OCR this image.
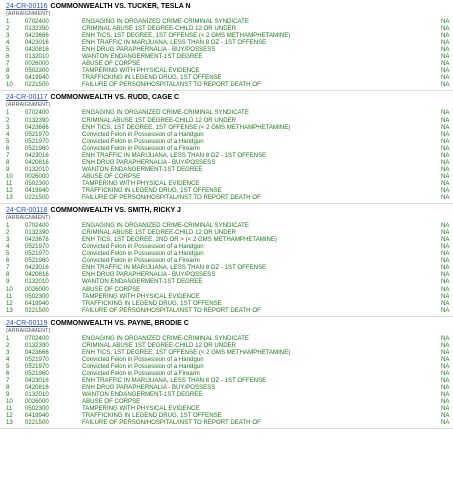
24-CR-00116 COMMONWEALTH VS. TUCKER, TESLA N
(ARRAIGNMENT)
1	0702400	ENGAGING IN ORGANIZED CRIME-CRIMINAL SYNDICATE	NA
2	0132390	CRIMINAL ABUSE 1ST DEGREE-CHILD 12 OR UNDER	NA
3	0423666	ENH TICS, 1ST DEGREE, 1ST OFFENSE (< 2 GMS METHAMPHETAMINE)	NA
4	0423016	ENH TRAFFIC IN MARIJUANA, LESS THAN 8 OZ - 1ST OFFENSE	NA
5	0420816	ENH DRUG PARAPHERNALIA - BUY/POSSESS	NA
6	0132010	WANTON ENDANGERMENT-1ST DEGREE	NA
7	0026000	ABUSE OF CORPSE	NA
8	0502300	TAMPERING WITH PHYSICAL EVIDENCE	NA
9	0419940	TRAFFICKING IN LEGEND DRUG, 1ST OFFENSE	NA
10	0221500	FAILURE OF PERSON/HOSPITAL/INST TO REPORT DEATH OF	NA
24-CR-00117 COMMONWEALTH VS. RUDD, CAGE C
(ARRAIGNMENT)
1	0702400	ENGAGING IN ORGANIZED CRIME-CRIMINAL SYNDICATE	NA
2	0132390	CRIMINAL ABUSE 1ST DEGREE-CHILD 12 OR UNDER	NA
3	0423666	ENH TICS, 1ST DEGREE, 1ST OFFENSE (< 2 GMS METHAMPHETAMINE)	NA
4	0521970	Convicted Felon in Possession of a Handgun	NA
5	0521970	Convicted Felon in Possession of a Handgun	NA
6	0521960	Convicted Felon in Possession of a Firearm	NA
7	0423016	ENH TRAFFIC IN MARIJUANA, LESS THAN 8 OZ - 1ST OFFENSE	NA
8	0420816	ENH DRUG PARAPHERNALIA - BUY/POSSESS	NA
9	0132010	WANTON ENDANGERMENT-1ST DEGREE	NA
10	0026000	ABUSE OF CORPSE	NA
11	0502300	TAMPERING WITH PHYSICAL EVIDENCE	NA
12	0419940	TRAFFICKING IN LEGEND DRUG, 1ST OFFENSE	NA
13	0221500	FAILURE OF PERSON/HOSPITAL/INST TO REPORT DEATH OF	NA
24-CR-00118 COMMONWEALTH VS. SMITH, RICKY J
(ARRAIGNMENT)
1	0702400	ENGAGING IN ORGANIZED CRIME-CRIMINAL SYNDICATE	NA
2	0132390	CRIMINAL ABUSE 1ST DEGREE-CHILD 12 OR UNDER	NA
3	0423676	ENH TICS, 1ST DEGREE, 2ND OR > (< 2 GMS METHAMPHETAMINE)	NA
4	0521970	Convicted Felon in Possession of a Handgun	NA
5	0521970	Convicted Felon in Possession of a Handgun	NA
6	0521960	Convicted Felon in Possession of a Firearm	NA
7	0423016	ENH TRAFFIC IN MARIJUANA, LESS THAN 8 OZ - 1ST OFFENSE	NA
8	0420816	ENH DRUG PARAPHERNALIA - BUY/POSSESS	NA
9	0132010	WANTON ENDANGERMENT-1ST DEGREE	NA
10	0026000	ABUSE OF CORPSE	NA
11	0502300	TAMPERING WITH PHYSICAL EVIDENCE	NA
12	0419940	TRAFFICKING IN LEGEND DRUG, 1ST OFFENSE	NA
13	0221500	FAILURE OF PERSON/HOSPITAL/INST TO REPORT DEATH OF	NA
24-CR-00119 COMMONWEALTH VS. PAYNE, BRODIE C
(ARRAIGNMENT)
1	0702400	ENGAGING IN ORGANIZED CRIME-CRIMINAL SYNDICATE	NA
2	0132390	CRIMINAL ABUSE 1ST DEGREE-CHILD 12 OR UNDER	NA
3	0423666	ENH TICS, 1ST DEGREE, 1ST OFFENSE (< 2 GMS METHAMPHETAMINE)	NA
4	0521970	Convicted Felon in Possession of a Handgun	NA
5	0521970	Convicted Felon in Possession of a Handgun	NA
6	0521960	Convicted Felon in Possession of a Firearm	NA
7	0423016	ENH TRAFFIC IN MARIJUANA, LESS THAN 8 OZ - 1ST OFFENSE	NA
8	0420816	ENH DRUG PARAPHERNALIA - BUY/POSSESS	NA
9	0132010	WANTON ENDANGERMENT-1ST DEGREE	NA
10	0026000	ABUSE OF CORPSE	NA
11	0502300	TAMPERING WITH PHYSICAL EVIDENCE	NA
12	0419940	TRAFFICKING IN LEGEND DRUG, 1ST OFFENSE	NA
13	0221500	FAILURE OF PERSON/HOSPITAL/INST TO REPORT DEATH OF	NA
